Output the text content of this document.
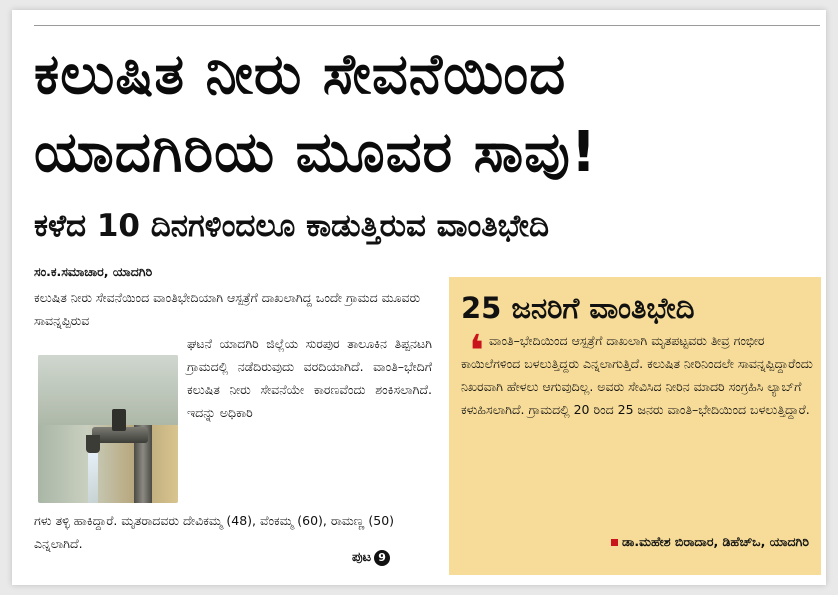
ಕಲುಷಿತ ನೀರು ಸೇವನೆಯಿಂದ
ಯಾದಗಿರಿಯ ಮೂವರ ಸಾವು!
ಕಳೆದ 10 ದಿನಗಳಿಂದಲೂ ಕಾಡುತ್ತಿರುವ ವಾಂತಿಭೇದಿ
ಸಂ.ಕ.ಸಮಾಚಾರ, ಯಾದಗಿರಿ
ಕಲುಷಿತ ನೀರು ಸೇವನೆಯಿಂದ ವಾಂತಿಭೇದಿಯಾಗಿ ಆಸ್ಪತ್ರೆಗೆ ದಾಖಲಾಗಿದ್ದ ಒಂದೇ ಗ್ರಾಮದ ಮೂವರು ಸಾವನ್ನಪ್ಪಿರುವ
ಘಟನೆ ಯಾದಗಿರಿ ಜಿಲ್ಲೆಯ ಸುರಪುರ ತಾಲೂಕಿನ ತಿಪ್ಪನಟಗಿ ಗ್ರಾಮದಲ್ಲಿ ನಡೆದಿರುವುದು ವರದಿಯಾಗಿದೆ. ವಾಂತಿ–ಭೇದಿಗೆ ಕಲುಷಿತ ನೀರು ಸೇವನೆಯೇ ಕಾರಣವೆಂದು ಶಂಕಿಸಲಾಗಿದೆ. ಇದನ್ನು ಅಧಿಕಾರಿ
ಗಳು ತಳ್ಳಿ ಹಾಕಿದ್ದಾರೆ. ಮೃತರಾದವರು ದೇವಿಕಮ್ಮ (48), ವೆಂಕಮ್ಮ (60), ರಾಮಣ್ಣ (50) ಎನ್ನಲಾಗಿದೆ.
ಪುಟ 9
25 ಜನರಿಗೆ ವಾಂತಿಭೇದಿ
❛ ವಾಂತಿ–ಭೇದಿಯಿಂದ ಆಸ್ಪತ್ರೆಗೆ ದಾಖಲಾಗಿ ಮೃತಪಟ್ಟವರು ತೀವ್ರ ಗಂಭೀರ ಕಾಯಿಲೆಗಳಿಂದ ಬಳಲುತ್ತಿದ್ದರು ಎನ್ನಲಾಗುತ್ತಿದೆ. ಕಲುಷಿತ ನೀರಿನಿಂದಲೇ ಸಾವನ್ನಪ್ಪಿದ್ದಾರೆಂದು ನಿಖರವಾಗಿ ಹೇಳಲು ಆಗುವುದಿಲ್ಲ. ಅವರು ಸೇವಿಸಿದ ನೀರಿನ ಮಾದರಿ ಸಂಗ್ರಹಿಸಿ ಲ್ಯಾಬ್‌ಗೆ ಕಳುಹಿಸಲಾಗಿದೆ. ಗ್ರಾಮದಲ್ಲಿ 20 ರಿಂದ 25 ಜನರು ವಾಂತಿ–ಭೇದಿಯಿಂದ ಬಳಲುತ್ತಿದ್ದಾರೆ.
ಡಾ.ಮಹೇಶ ಬಿರಾದಾರ, ಡಿಹೆಚ್‌ಒ, ಯಾದಗಿರಿ
